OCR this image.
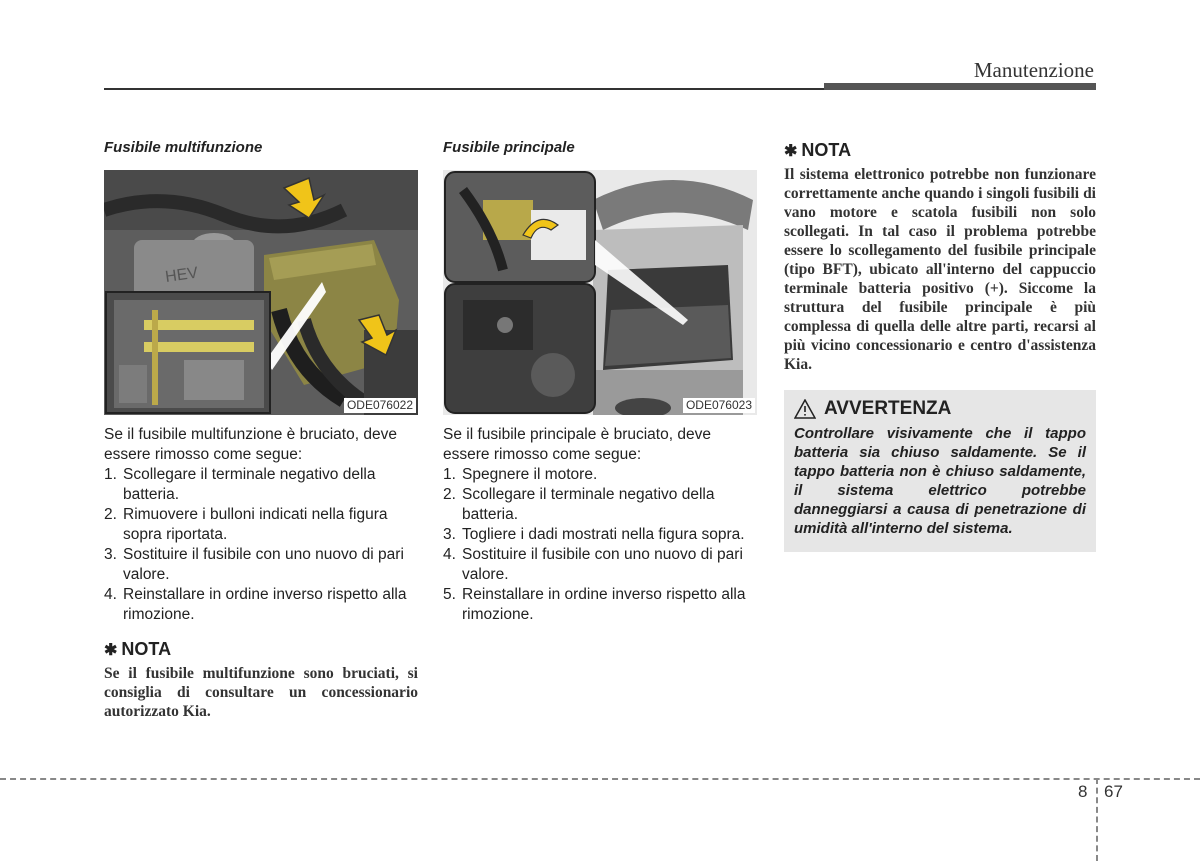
Manutenzione
Fusibile multifunzione
HEV
ODE076022
Se il fusibile multifunzione è bruciato, deve essere rimosso come segue:
1. Scollegare il terminale negativo della batteria.
2. Rimuovere i bulloni indicati nella figura sopra riportata.
3. Sostituire il fusibile con uno nuovo di pari valore.
4. Reinstallare in ordine inverso rispetto alla rimozione.
✱ NOTA
Se il fusibile multifunzione sono bruciati, si consiglia di consultare un concessionario autorizzato Kia.
Fusibile principale
ODE076023
Se il fusibile principale è bruciato, deve essere rimosso come segue:
1. Spegnere il motore.
2. Scollegare il terminale negativo della batteria.
3. Togliere i dadi mostrati nella figura sopra.
4. Sostituire il fusibile con uno nuovo di pari valore.
5. Reinstallare in ordine inverso rispetto alla rimozione.
✱ NOTA
Il sistema elettronico potrebbe non funzionare correttamente anche quando i singoli fusibili di vano motore e scatola fusibili non solo scollegati. In tal caso il problema potrebbe essere lo scollegamento del fusibile principale (tipo BFT), ubicato all'interno del cappuccio terminale batteria positivo (+). Siccome la struttura del fusibile principale è più complessa di quella delle altre parti, recarsi al più vicino concessionario e centro d'assistenza Kia.
AVVERTENZA
Controllare visivamente che il tappo batteria sia chiuso saldamente. Se il tappo batteria non è chiuso saldamente, il sistema elettrico potrebbe danneggiarsi a causa di penetrazione di umidità all'interno del sistema.
8 67
